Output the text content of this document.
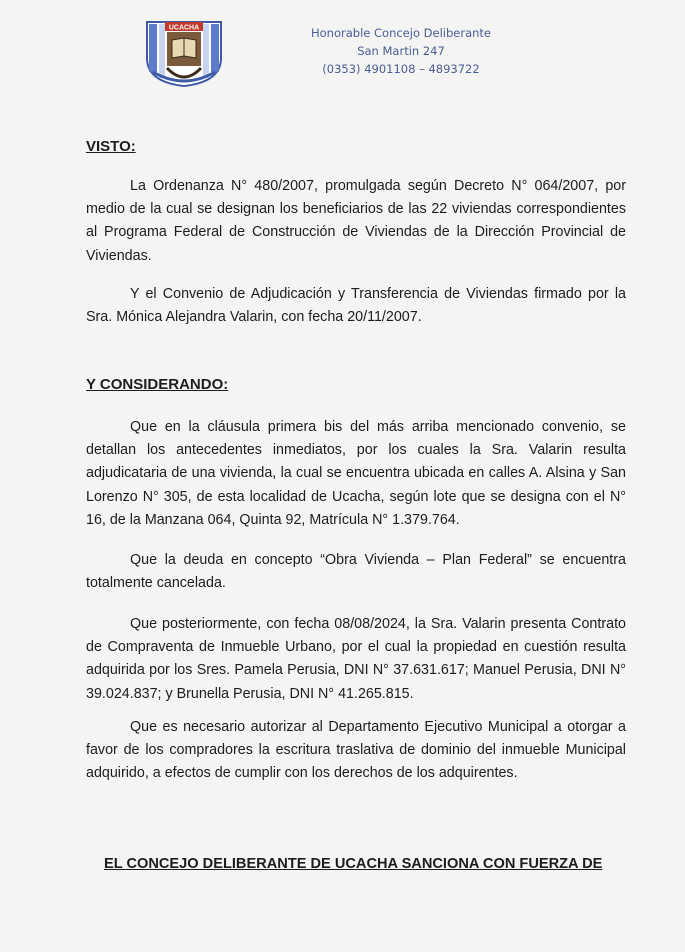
UCACHA	Honorable Concejo Deliberante
San Martin 247
(0353) 4901108 – 4893722
VISTO:

La Ordenanza N° 480/2007, promulgada según Decreto N° 064/2007, por medio de la cual se designan los beneficiarios de las 22 viviendas correspondientes al Programa Federal de Construcción de Viviendas de la Dirección Provincial de Viviendas.

Y el Convenio de Adjudicación y Transferencia de Viviendas firmado por la Sra. Mónica Alejandra Valarin, con fecha 20/11/2007.

Y CONSIDERANDO:

Que en la cláusula primera bis del más arriba mencionado convenio, se detallan los antecedentes inmediatos, por los cuales la Sra. Valarin resulta adjudicataria de una vivienda, la cual se encuentra ubicada en calles A. Alsina y San Lorenzo N° 305, de esta localidad de Ucacha, según lote que se designa con el N° 16, de la Manzana 064, Quinta 92, Matrícula N° 1.379.764.

Que la deuda en concepto “Obra Vivienda – Plan Federal” se encuentra totalmente cancelada.

Que posteriormente, con fecha 08/08/2024, la Sra. Valarin presenta Contrato de Compraventa de Inmueble Urbano, por el cual la propiedad en cuestión resulta adquirida por los Sres. Pamela Perusia, DNI N° 37.631.617; Manuel Perusia, DNI N° 39.024.837; y Brunella Perusia, DNI N° 41.265.815.

Que es necesario autorizar al Departamento Ejecutivo Municipal a otorgar a favor de los compradores la escritura traslativa de dominio del inmueble Municipal adquirido, a efectos de cumplir con los derechos de los adquirentes.

EL CONCEJO DELIBERANTE DE UCACHA SANCIONA CON FUERZA DE
